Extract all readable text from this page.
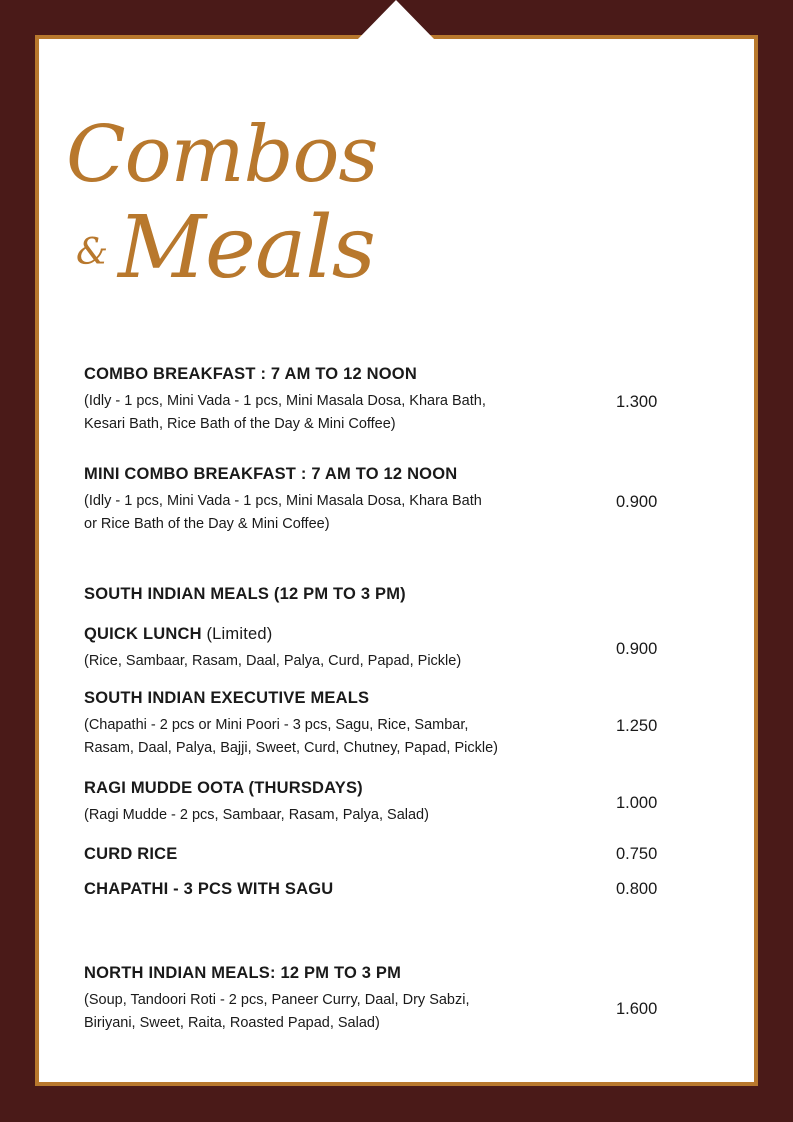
Combos
& Meals
COMBO BREAKFAST : 7 AM TO 12 NOON
(Idly - 1 pcs, Mini Vada - 1 pcs, Mini Masala Dosa, Khara Bath,
Kesari Bath, Rice Bath of the Day & Mini Coffee)
1.300
MINI COMBO BREAKFAST : 7 AM TO 12 NOON
(Idly - 1 pcs, Mini Vada - 1 pcs, Mini Masala Dosa, Khara Bath
or Rice Bath of the Day & Mini Coffee)
0.900
SOUTH INDIAN MEALS (12 PM TO 3 PM)
QUICK LUNCH (Limited)
(Rice, Sambaar, Rasam, Daal, Palya, Curd, Papad, Pickle)
0.900
SOUTH INDIAN EXECUTIVE MEALS
(Chapathi - 2 pcs or Mini Poori - 3 pcs, Sagu, Rice, Sambar,
Rasam, Daal, Palya, Bajji, Sweet, Curd, Chutney, Papad, Pickle)
1.250
RAGI MUDDE OOTA (THURSDAYS)
(Ragi Mudde - 2 pcs, Sambaar, Rasam, Palya, Salad)
1.000
CURD RICE	0.750
CHAPATHI - 3 PCS WITH SAGU	0.800
NORTH INDIAN MEALS: 12 PM TO 3 PM
(Soup, Tandoori Roti - 2 pcs, Paneer Curry, Daal, Dry Sabzi,
Biriyani, Sweet, Raita, Roasted Papad, Salad)
1.600
